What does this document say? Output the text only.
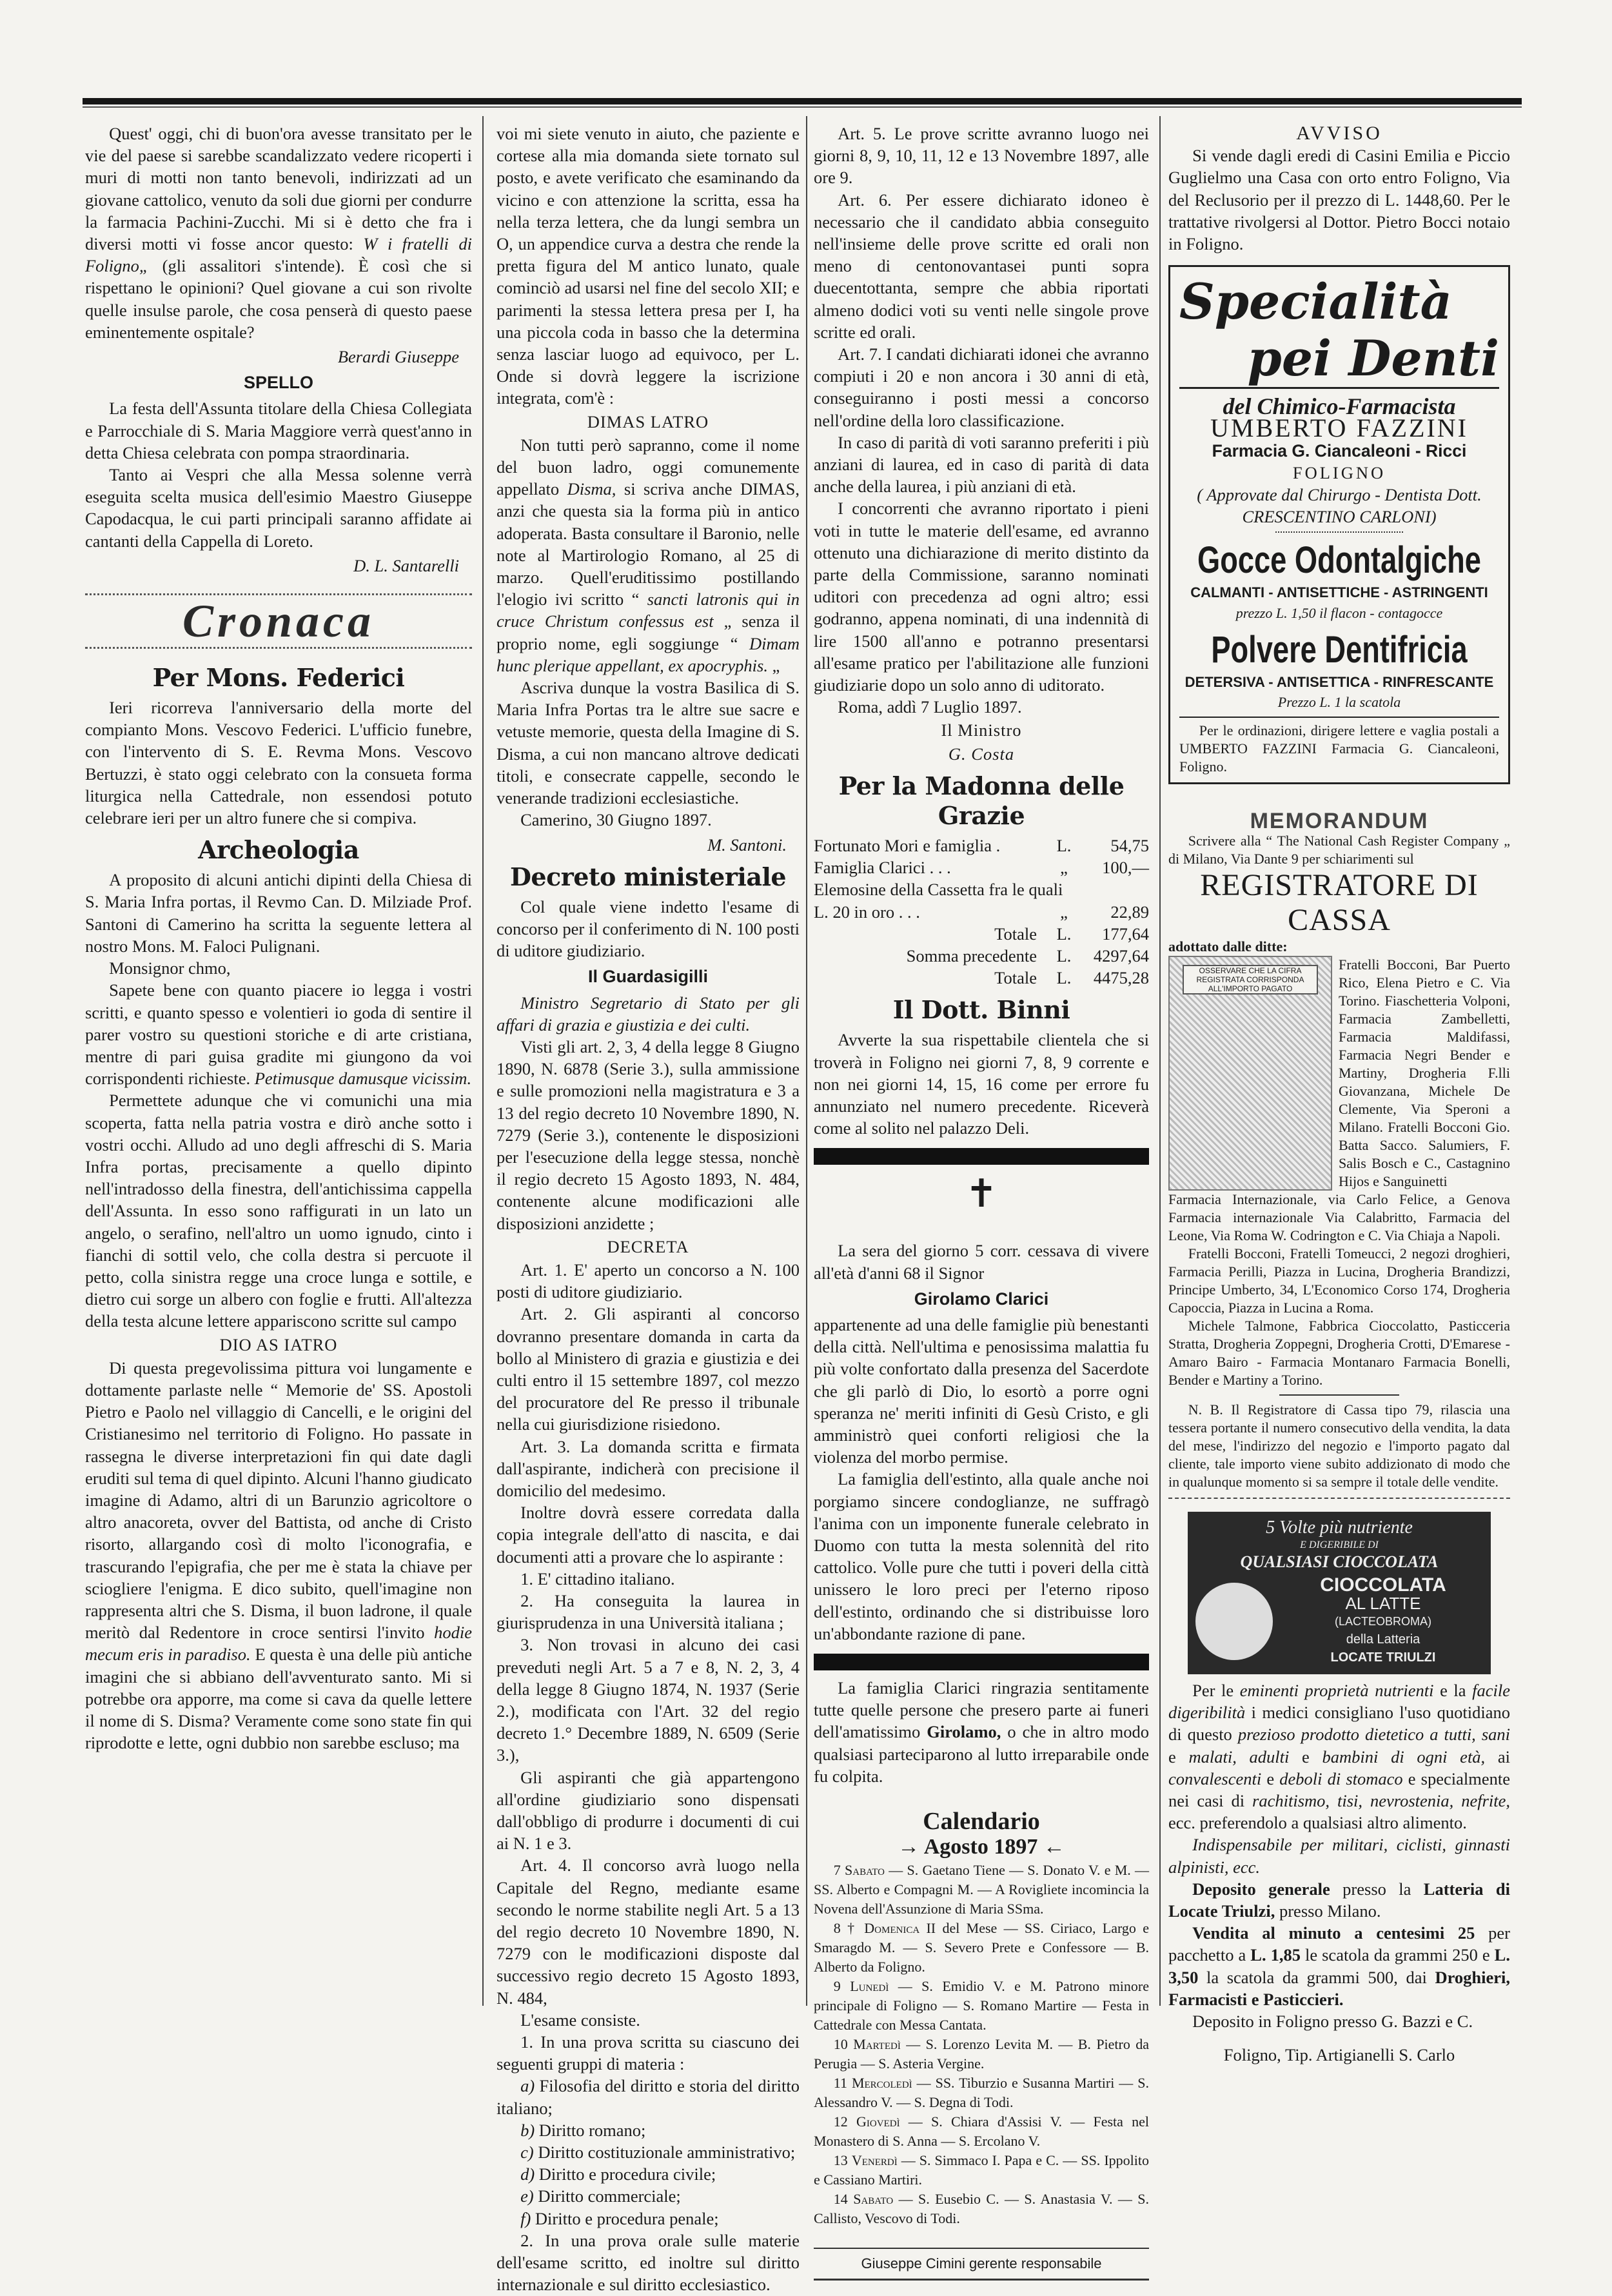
Quest' oggi, chi di buon'ora avesse transitato per le vie del paese si sarebbe scandalizzato vedere ricoperti i muri di motti non tanto benevoli, indirizzati ad un giovane cattolico, venuto da soli due giorni per condurre la farmacia Pachini-Zucchi. Mi si è detto che fra i diversi motti vi fosse ancor questo: W i fratelli di Foligno„ (gli assalitori s'intende). È così che si rispettano le opinioni? Quel giovane a cui son rivolte quelle insulse parole, che cosa penserà di questo paese eminentemente ospitale?

Berardi Giuseppe

SPELLO

La festa dell'Assunta titolare della Chiesa Collegiata e Parrocchiale di S. Maria Maggiore verrà quest'anno in detta Chiesa celebrata con pompa straordinaria.

Tanto ai Vespri che alla Messa solenne verrà eseguita scelta musica dell'esimio Maestro Giuseppe Capodacqua, le cui parti principali saranno affidate ai cantanti della Cappella di Loreto.

D. L. Santarelli

Cronaca

Per Mons. Federici

Ieri ricorreva l'anniversario della morte del compianto Mons. Vescovo Federici. L'ufficio funebre, con l'intervento di S. E. Revma Mons. Vescovo Bertuzzi, è stato oggi celebrato con la consueta forma liturgica nella Cattedrale, non essendosi potuto celebrare ieri per un altro funere che si compiva.

Archeologia

A proposito di alcuni antichi dipinti della Chiesa di S. Maria Infra portas, il Revmo Can. D. Milziade Prof. Santoni di Camerino ha scritta la seguente lettera al nostro Mons. M. Faloci Pulignani.

Monsignor chmo,

Sapete bene con quanto piacere io legga i vostri scritti, e quanto spesso e volentieri io goda di sentire il parer vostro su questioni storiche e di arte cristiana, mentre di pari guisa gradite mi giungono da voi corrispondenti richieste. Petimusque damusque vicissim.

Permettete adunque che vi comunichi una mia scoperta, fatta nella patria vostra e dirò anche sotto i vostri occhi. Alludo ad uno degli affreschi di S. Maria Infra portas, precisamente a quello dipinto nell'intradosso della finestra, dell'antichissima cappella dell'Assunta. In esso sono raffigurati in un lato un angelo, o serafino, nell'altro un uomo ignudo, cinto i fianchi di sottil velo, che colla destra si percuote il petto, colla sinistra regge una croce lunga e sottile, e dietro cui sorge un albero con foglie e frutti. All'altezza della testa alcune lettere appariscono scritte sul campo

DIO AS IATRO

Di questa pregevolissima pittura voi lungamente e dottamente parlaste nelle “ Memorie de' SS. Apostoli Pietro e Paolo nel villaggio di Cancelli, e le origini del Cristianesimo nel territorio di Foligno. Ho passate in rassegna le diverse interpretazioni fin qui date dagli eruditi sul tema di quel dipinto. Alcuni l'hanno giudicato imagine di Adamo, altri di un Barunzio agricoltore o altro anacoreta, ovver del Battista, od anche di Cristo risorto, allargando così di molto l'iconografia, e trascurando l'epigrafia, che per me è stata la chiave per sciogliere l'enigma. E dico subito, quell'imagine non rappresenta altri che S. Disma, il buon ladrone, il quale meritò dal Redentore in croce sentirsi l'invito hodie mecum eris in paradiso. E questa è una delle più antiche imagini che si abbiano dell'avventurato santo. Mi si potrebbe ora apporre, ma come si cava da quelle lettere il nome di S. Disma? Veramente come sono state fin qui riprodotte e lette, ogni dubbio non sarebbe escluso; ma

voi mi siete venuto in aiuto, che paziente e cortese alla mia domanda siete tornato sul posto, e avete verificato che esaminando da vicino e con attenzione la scritta, essa ha nella terza lettera, che da lungi sembra un O, un appendice curva a destra che rende la pretta figura del M antico lunato, quale cominciò ad usarsi nel fine del secolo XII; e parimenti la stessa lettera presa per I, ha una piccola coda in basso che la determina senza lasciar luogo ad equivoco, per L. Onde si dovrà leggere la iscrizione integrata, com'è :

DIMAS LATRO

Non tutti però sapranno, come il nome del buon ladro, oggi comunemente appellato Disma, si scriva anche DIMAS, anzi che questa sia la forma più in antico adoperata. Basta consultare il Baronio, nelle note al Martirologio Romano, al 25 di marzo. Quell'eruditissimo postillando l'elogio ivi scritto “ sancti latronis qui in cruce Christum confessus est „ senza il proprio nome, egli soggiunge “ Dimam hunc plerique appellant, ex apocryphis. „

Ascriva dunque la vostra Basilica di S. Maria Infra Portas tra le altre sue sacre e vetuste memorie, questa della Imagine di S. Disma, a cui non mancano altrove dedicati titoli, e consecrate cappelle, secondo le venerande tradizioni ecclesiastiche.

Camerino, 30 Giugno 1897.

M. Santoni.

Decreto ministeriale

Col quale viene indetto l'esame di concorso per il conferimento di N. 100 posti di uditore giudiziario.

Il Guardasigilli

Ministro Segretario di Stato per gli affari di grazia e giustizia e dei culti.

Visti gli art. 2, 3, 4 della legge 8 Giugno 1890, N. 6878 (Serie 3.), sulla ammissione e sulle promozioni nella magistratura e 3 a 13 del regio decreto 10 Novembre 1890, N. 7279 (Serie 3.), contenente le disposizioni per l'esecuzione della legge stessa, nonchè il regio decreto 15 Agosto 1893, N. 484, contenente alcune modificazioni alle disposizioni anzidette ;

DECRETA

Art. 1. E' aperto un concorso a N. 100 posti di uditore giudiziario.

Art. 2. Gli aspiranti al concorso dovranno presentare domanda in carta da bollo al Ministero di grazia e giustizia e dei culti entro il 15 settembre 1897, col mezzo del procuratore del Re presso il tribunale nella cui giurisdizione risiedono.

Art. 3. La domanda scritta e firmata dall'aspirante, indicherà con precisione il domicilio del medesimo.

Inoltre dovrà essere corredata dalla copia integrale dell'atto di nascita, e dai documenti atti a provare che lo aspirante :

1. E' cittadino italiano.

2. Ha conseguita la laurea in giurisprudenza in una Università italiana ;

3. Non trovasi in alcuno dei casi preveduti negli Art. 5 a 7 e 8, N. 2, 3, 4 della legge 8 Giugno 1874, N. 1937 (Serie 2.), modificata con l'Art. 32 del regio decreto 1.° Decembre 1889, N. 6509 (Serie 3.),

Gli aspiranti che già appartengono all'ordine giudiziario sono dispensati dall'obbligo di produrre i documenti di cui ai N. 1 e 3.

Art. 4. Il concorso avrà luogo nella Capitale del Regno, mediante esame secondo le norme stabilite negli Art. 5 a 13 del regio decreto 10 Novembre 1890, N. 7279 con le modificazioni disposte dal successivo regio decreto 15 Agosto 1893, N. 484,

L'esame consiste.

1. In una prova scritta su ciascuno dei seguenti gruppi di materia :

a) Filosofia del diritto e storia del diritto italiano;

b) Diritto romano;

c) Diritto costituzionale amministrativo;

d) Diritto e procedura civile;

e) Diritto commerciale;

f) Diritto e procedura penale;

2. In una prova orale sulle materie dell'esame scritto, ed inoltre sul diritto internazionale e sul diritto ecclesiastico.

Art. 5. Le prove scritte avranno luogo nei giorni 8, 9, 10, 11, 12 e 13 Novembre 1897, alle ore 9.

Art. 6. Per essere dichiarato idoneo è necessario che il candidato abbia conseguito nell'insieme delle prove scritte ed orali non meno di centonovantasei punti sopra duecentottanta, sempre che abbia riportati almeno dodici voti su venti nelle singole prove scritte ed orali.

Art. 7. I candati dichiarati idonei che avranno compiuti i 20 e non ancora i 30 anni di età, conseguiranno i posti messi a concorso nell'ordine della loro classificazione.

In caso di parità di voti saranno preferiti i più anziani di laurea, ed in caso di parità di data anche della laurea, i più anziani di età.

I concorrenti che avranno riportato i pieni voti in tutte le materie dell'esame, ed avranno ottenuto una dichiarazione di merito distinto da parte della Commissione, saranno nominati uditori con precedenza ad ogni altro; essi godranno, appena nominati, di una indennità di lire 1500 all'anno e potranno presentarsi all'esame pratico per l'abilitazione alle funzioni giudiziarie dopo un solo anno di uditorato.

Roma, addì 7 Luglio 1897.

Il Ministro

G. Costa

Per la Madonna delle Grazie

Fortunato Mori e famiglia .	L.	54,75
Famiglia Clarici . . .	„	100,—

Elemosine della Cassetta fra le quali

L. 20 in oro . . .	„	22,89
Totale	L.	177,64
Somma precedente	L.	4297,64
Totale	L.	4475,28

Il Dott. Binni

Avverte la sua rispettabile clientela che si troverà in Foligno nei giorni 7, 8, 9 corrente e non nei giorni 14, 15, 16 come per errore fu annunziato nel numero precedente. Riceverà come al solito nel palazzo Deli.

✝

La sera del giorno 5 corr. cessava di vivere all'età d'anni 68 il Signor

Girolamo Clarici

appartenente ad una delle famiglie più benestanti della città. Nell'ultima e penosissima malattia fu più volte confortato dalla presenza del Sacerdote che gli parlò di Dio, lo esortò a porre ogni speranza ne' meriti infiniti di Gesù Cristo, e gli amministrò quei conforti religiosi che la violenza del morbo permise.

La famiglia dell'estinto, alla quale anche noi porgiamo sincere condoglianze, ne suffragò l'anima con un imponente funerale celebrato in Duomo con tutta la mesta solennità del rito cattolico. Volle pure che tutti i poveri della città unissero le loro preci per l'eterno riposo dell'estinto, ordinando che si distribuisse loro un'abbondante razione di pane.

La famiglia Clarici ringrazia sentitamente tutte quelle persone che presero parte ai funeri dell'amatissimo Girolamo, o che in altro modo qualsiasi parteciparono al lutto irreparabile onde fu colpita.

Calendario

→ Agosto 1897 ←

7 Sabato — S. Gaetano Tiene — S. Donato V. e M. — SS. Alberto e Compagni M. — A Rovigliete incomincia la Novena dell'Assunzione di Maria SSma.

8 † Domenica II del Mese — SS. Ciriaco, Largo e Smaragdo M. — S. Severo Prete e Confessore — B. Alberto da Foligno.

9 Lunedì — S. Emidio V. e M. Patrono minore principale di Foligno — S. Romano Martire — Festa in Cattedrale con Messa Cantata.

10 Martedì — S. Lorenzo Levita M. — B. Pietro da Perugia — S. Asteria Vergine.

11 Mercoledì — SS. Tiburzio e Susanna Martiri — S. Alessandro V. — S. Degna di Todi.

12 Giovedì — S. Chiara d'Assisi V. — Festa nel Monastero di S. Anna — S. Ercolano V.

13 Venerdì — S. Simmaco I. Papa e C. — SS. Ippolito e Cassiano Martiri.

14 Sabato — S. Eusebio C. — S. Anastasia V. — S. Callisto, Vescovo di Todi.

Giuseppe Cimini gerente responsabile

AVVISO

Si vende dagli eredi di Casini Emilia e Piccio Guglielmo una Casa con orto entro Foligno, Via del Reclusorio per il prezzo di L. 1448,60. Per le trattative rivolgersi al Dottor. Pietro Bocci notaio in Foligno.

Specialità
pei Denti
del Chimico-Farmacista
UMBERTO FAZZINI
Farmacia G. Ciancaleoni - Ricci
FOLIGNO
( Approvate dal Chirurgo - Dentista Dott. CRESCENTINO CARLONI)
Gocce Odontalgiche
CALMANTI - ANTISETTICHE - ASTRINGENTI
prezzo L. 1,50 il flacon - contagocce
Polvere Dentifricia
DETERSIVA - ANTISETTICA - RINFRESCANTE
Prezzo L. 1 la scatola
Per le ordinazioni, dirigere lettere e vaglia postali a UMBERTO FAZZINI Farmacia G. Ciancaleoni, Foligno.
MEMORANDUM
Scrivere alla “ The National Cash Register Company „ di Milano, Via Dante 9 per schiarimenti sul
REGISTRATORE DI CASSA
adottato dalle ditte:
OSSERVARE CHE LA CIFRA REGISTRATA CORRISPONDA ALL'IMPORTO PAGATO
Fratelli Bocconi, Bar Puerto Rico, Elena Pietro e C. Via Torino. Fiaschetteria Volponi, Farmacia Zambelletti, Farmacia Maldifassi, Farmacia Negri Bender e Martiny, Drogheria F.lli Giovanzana, Michele De Clemente, Via Speroni a Milano. Fratelli Bocconi Gio. Batta Sacco. Salumiers, F. Salis Bosch e C., Castagnino Hijos e Sanguinetti
Farmacia Internazionale, via Carlo Felice, a Genova Farmacia internazionale Via Calabritto, Farmacia del Leone, Via Roma W. Codrington e C. Via Chiaja a Napoli.
Fratelli Bocconi, Fratelli Tomeucci, 2 negozi droghieri, Farmacia Perilli, Piazza in Lucina, Drogheria Brandizzi, Principe Umberto, 34, L'Economico Corso 174, Drogheria Capoccia, Piazza in Lucina a Roma.
Michele Talmone, Fabbrica Cioccolatto, Pasticceria Stratta, Drogheria Zoppegni, Drogheria Crotti, D'Emarese - Amaro Bairo - Farmacia Montanaro Farmacia Bonelli, Bender e Martiny a Torino.
N. B. Il Registratore di Cassa tipo 79, rilascia una tessera portante il numero consecutivo della vendita, la data del mese, l'indirizzo del negozio e l'importo pagato dal cliente, tale importo viene subito addizionato di modo che in qualunque momento si sa sempre il totale delle vendite.
5 Volte più nutriente
E DIGERIBILE DI
QUALSIASI CIOCCOLATA
CIOCCOLATA
AL LATTE
(LACTEOBROMA)
della Latteria
LOCATE TRIULZI

Per le eminenti proprietà nutrienti e la facile digeribilità i medici consigliano l'uso quotidiano di questo prezioso prodotto dietetico a tutti, sani e malati, adulti e bambini di ogni età, ai convalescenti e deboli di stomaco e specialmente nei casi di rachitismo, tisi, nevrostenia, nefrite, ecc. preferendolo a qualsiasi altro alimento.

Indispensabile per militari, ciclisti, ginnasti alpinisti, ecc.

Deposito generale presso la Latteria di Locate Triulzi, presso Milano.

Vendita al minuto a centesimi 25 per pacchetto a L. 1,85 le scatola da grammi 250 e L. 3,50 la scatola da grammi 500, dai Droghieri, Farmacisti e Pasticcieri.

Deposito in Foligno presso G. Bazzi e C.

Foligno, Tip. Artigianelli S. Carlo
